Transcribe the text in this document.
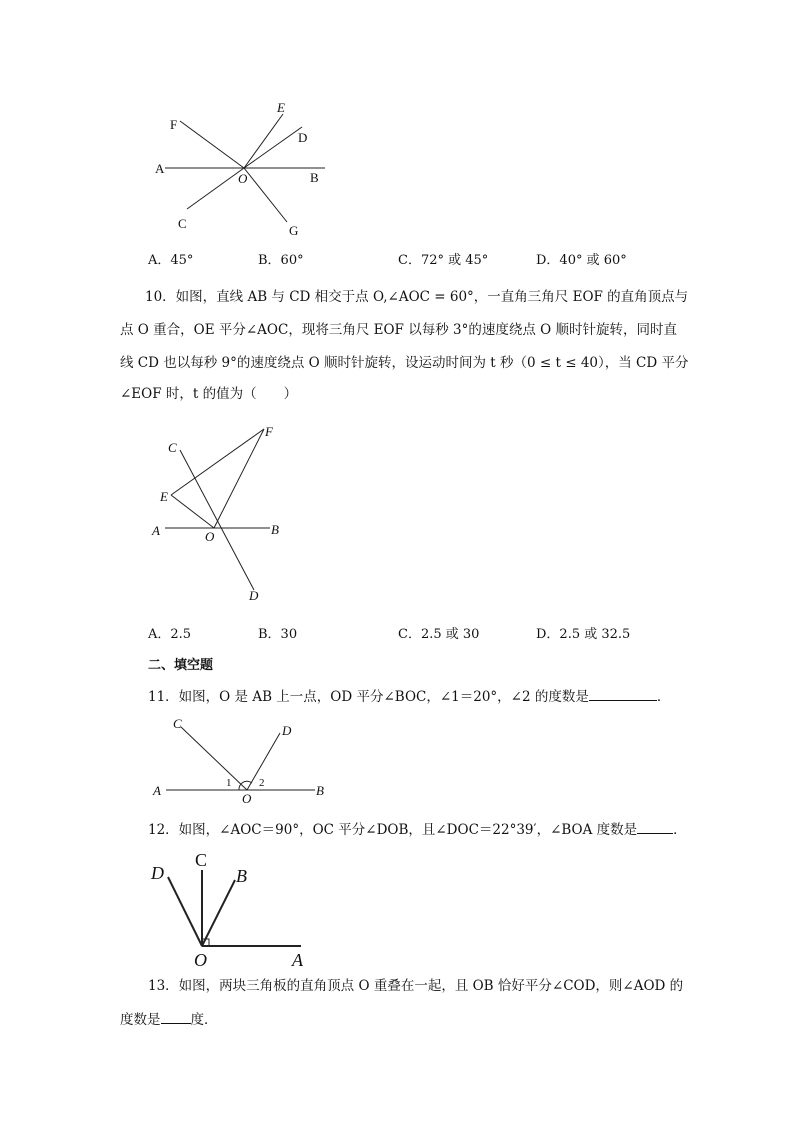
F
E
D
A
O	B
C	G
A．45°	B．60°	C．72° 或 45°	D．40° 或 60°
10．如图，直线 AB 与 CD 相交于点 O,∠AOC = 60°，一直角三角尺 EOF 的直角顶点与
点 O 重合，OE 平分∠AOC，现将三角尺 EOF 以每秒 3°的速度绕点 O 顺时针旋转，同时直
线 CD 也以每秒 9°的速度绕点 O 顺时针旋转，设运动时间为 t 秒（0 ≤ t ≤ 40），当 CD 平分
∠EOF 时，t 的值为（　　）
C
F
E
A	O	B
D
A．2.5	B．30	C．2.5 或 30	D．2.5 或 32.5
二、填空题
11．如图，O 是 AB 上一点，OD 平分∠BOC，∠1＝20°，∠2 的度数是	．
C	D
A
O
B
1	2
12．如图，∠AOC＝90°，OC 平分∠DOB，且∠DOC＝22°39′，∠BOA 度数是	．
D
C
B
O	A
13．如图，两块三角板的直角顶点 O 重叠在一起，且 OB 恰好平分∠COD，则∠AOD 的
度数是 度．
